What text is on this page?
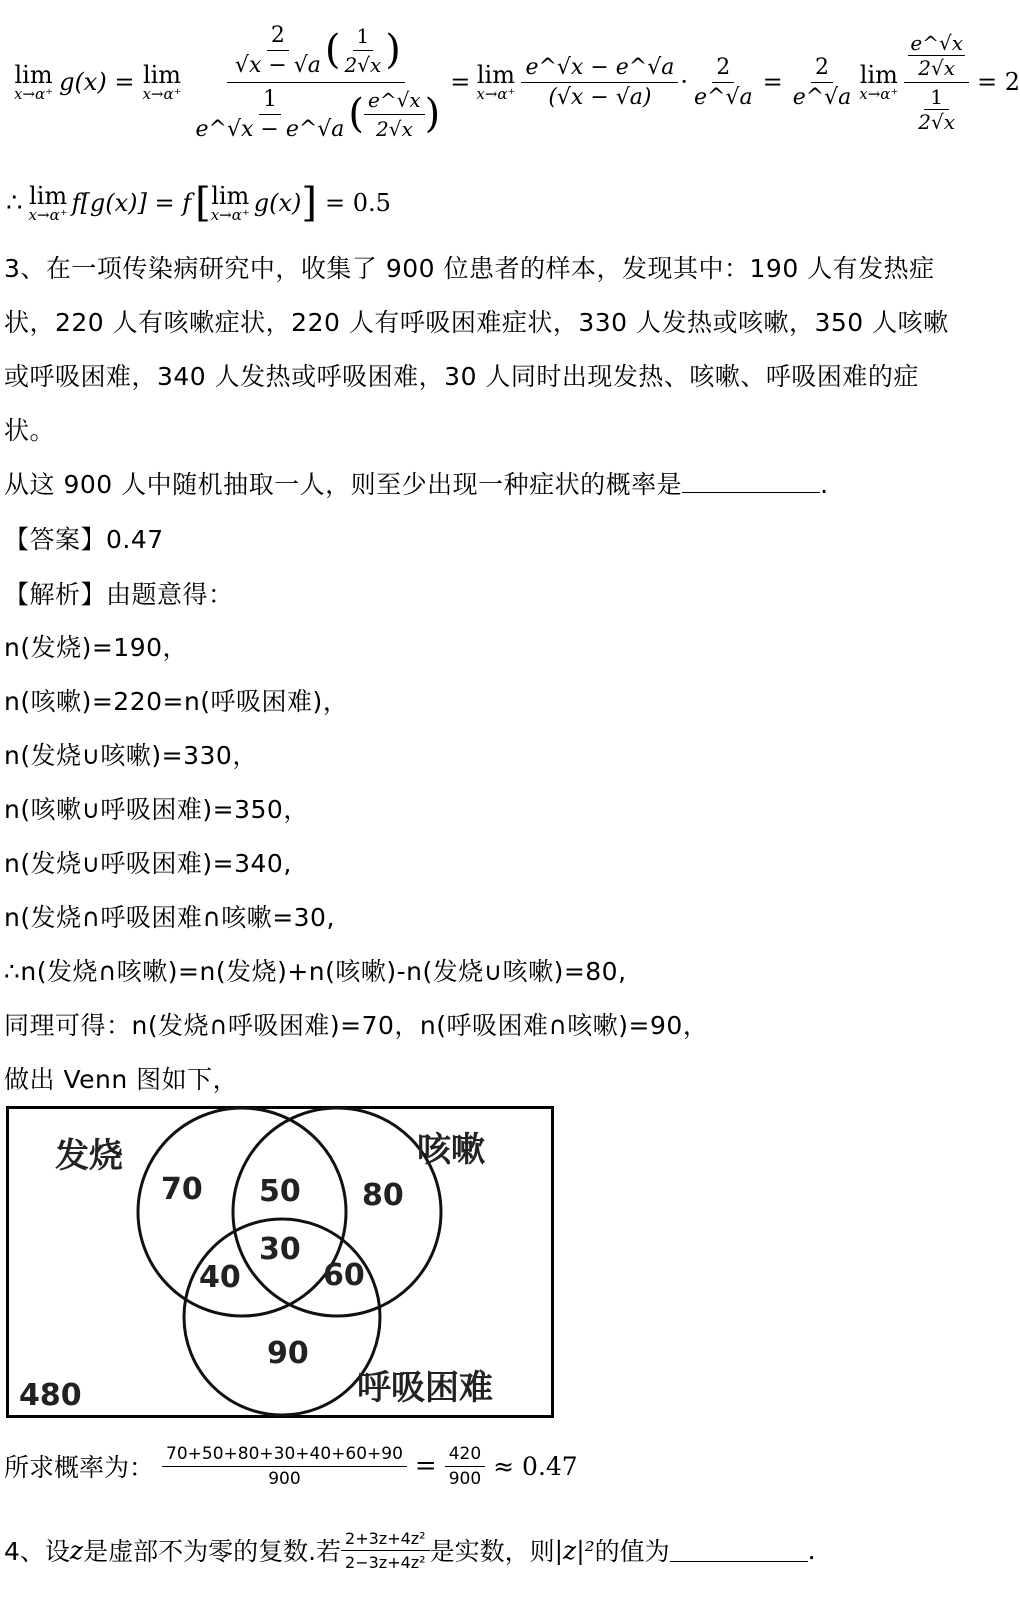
lim
x→α⁺ g(x) = lim
x→α⁺
$\frac{2}{√x - √a}$ ( $\frac{1}{2√x}$ )
$\frac{1}{e\^{}√x - e\^{}√a}$ ( $\frac{e\^{}√x}{2√x}$ )
= lim
$x\to\alpha^+ \frac{e\^{}√x - e\^{}√a}{(√x - √a)} \cdot \frac{2}{e\^{}√a} = \frac{2}{e\^{}√a}$ lim
x→α⁺ e^√x
2√x
1
2√x = 2
∴ lim
x→α⁺ f[g(x)] = f [ lim
x→α⁺ g(x) ] = 0.5
3、在一项传染病研究中，收集了 900 位患者的样本，发现其中：190 人有发热症
状，220 人有咳嗽症状，220 人有呼吸困难症状，330 人发热或咳嗽，350 人咳嗽
或呼吸困难，340 人发热或呼吸困难，30 人同时出现发热、咳嗽、呼吸困难的症
状。
从这 900 人中随机抽取一人，则至少出现一种症状的概率是	.
【答案】0.47
【解析】由题意得：
n(发烧)=190，
n(咳嗽)=220=n(呼吸困难)，
n(发烧∪咳嗽)=330，
n(咳嗽∪呼吸困难)=350，
n(发烧∪呼吸困难)=340,
n(发烧∩呼吸困难∩咳嗽=30,
∴n(发烧∩咳嗽)=n(发烧)+n(咳嗽)-n(发烧∪咳嗽)=80,
同理可得：n(发烧∩呼吸困难)=70，n(呼吸困难∩咳嗽)=90，
做出 Venn 图如下，
发烧	咳嗽
呼吸困难
70 50 80
30
40	60
90
480
所求概率为： $\frac{70+50+80+30+40+60+90}{900} = \frac{420}{900} \approx 0.47$
4、设 z 是虚部不为零的复数.若 $\frac{\text{2+3z+4z²}}{\text{2−3z+4z²}}$ 是实数，则 |z|² 的值为	.
